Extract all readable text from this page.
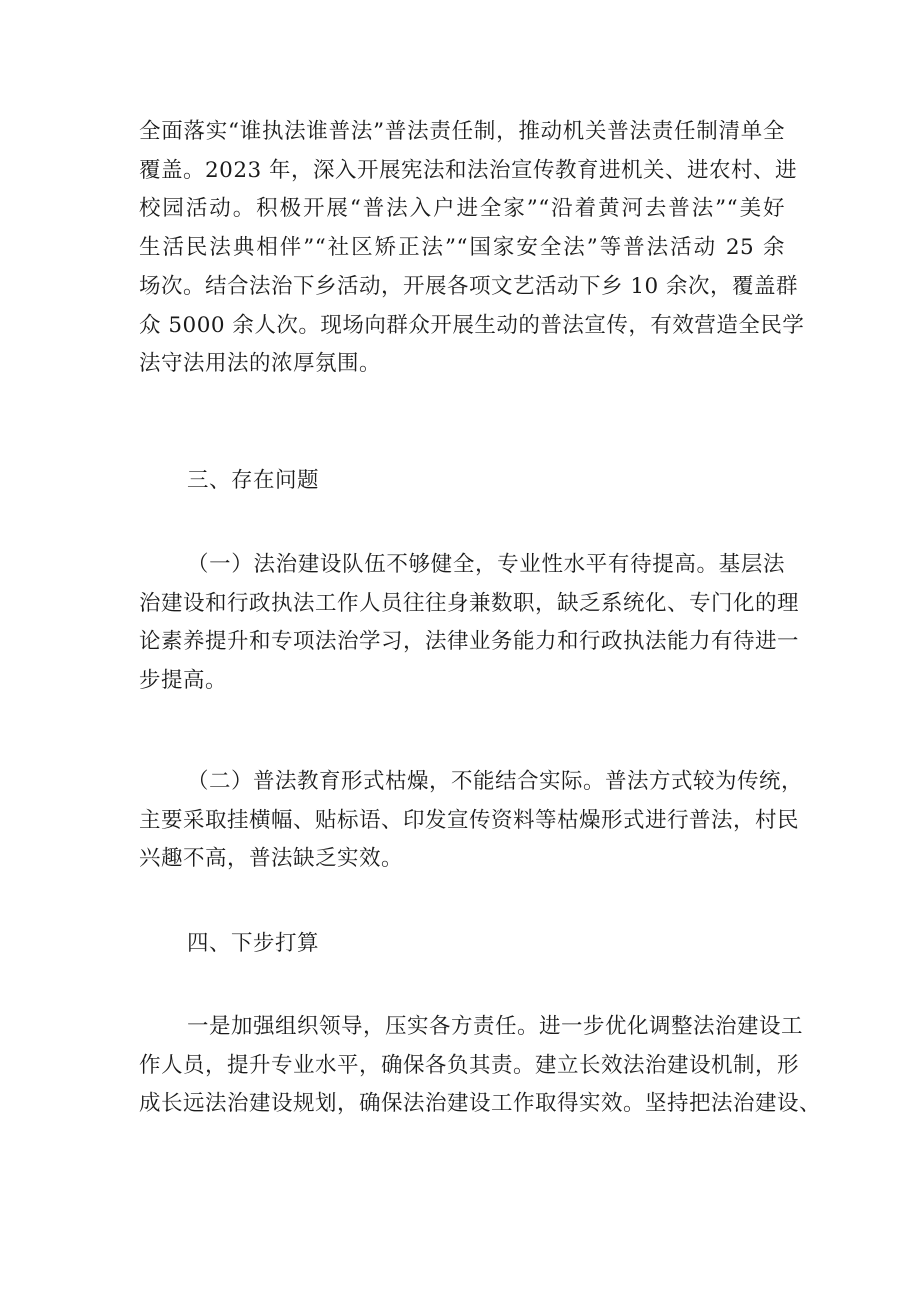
全面落实“谁执法谁普法”普法责任制，推动机关普法责任制清单全
覆盖。2023 年，深入开展宪法和法治宣传教育进机关、进农村、进
校园活动。积极开展“普法入户进全家”“沿着黄河去普法”“美好
生活民法典相伴”“社区矫正法”“国家安全法”等普法活动 25 余
场次。结合法治下乡活动，开展各项文艺活动下乡 10 余次，覆盖群
众 5000 余人次。现场向群众开展生动的普法宣传，有效营造全民学
法守法用法的浓厚氛围。
三、存在问题
（一）法治建设队伍不够健全，专业性水平有待提高。基层法
治建设和行政执法工作人员往往身兼数职，缺乏系统化、专门化的理
论素养提升和专项法治学习，法律业务能力和行政执法能力有待进一
步提高。
（二）普法教育形式枯燥，不能结合实际。普法方式较为传统，
主要采取挂横幅、贴标语、印发宣传资料等枯燥形式进行普法，村民
兴趣不高，普法缺乏实效。
四、下步打算
一是加强组织领导，压实各方责任。进一步优化调整法治建设工
作人员，提升专业水平，确保各负其责。建立长效法治建设机制，形
成长远法治建设规划，确保法治建设工作取得实效。坚持把法治建设、
